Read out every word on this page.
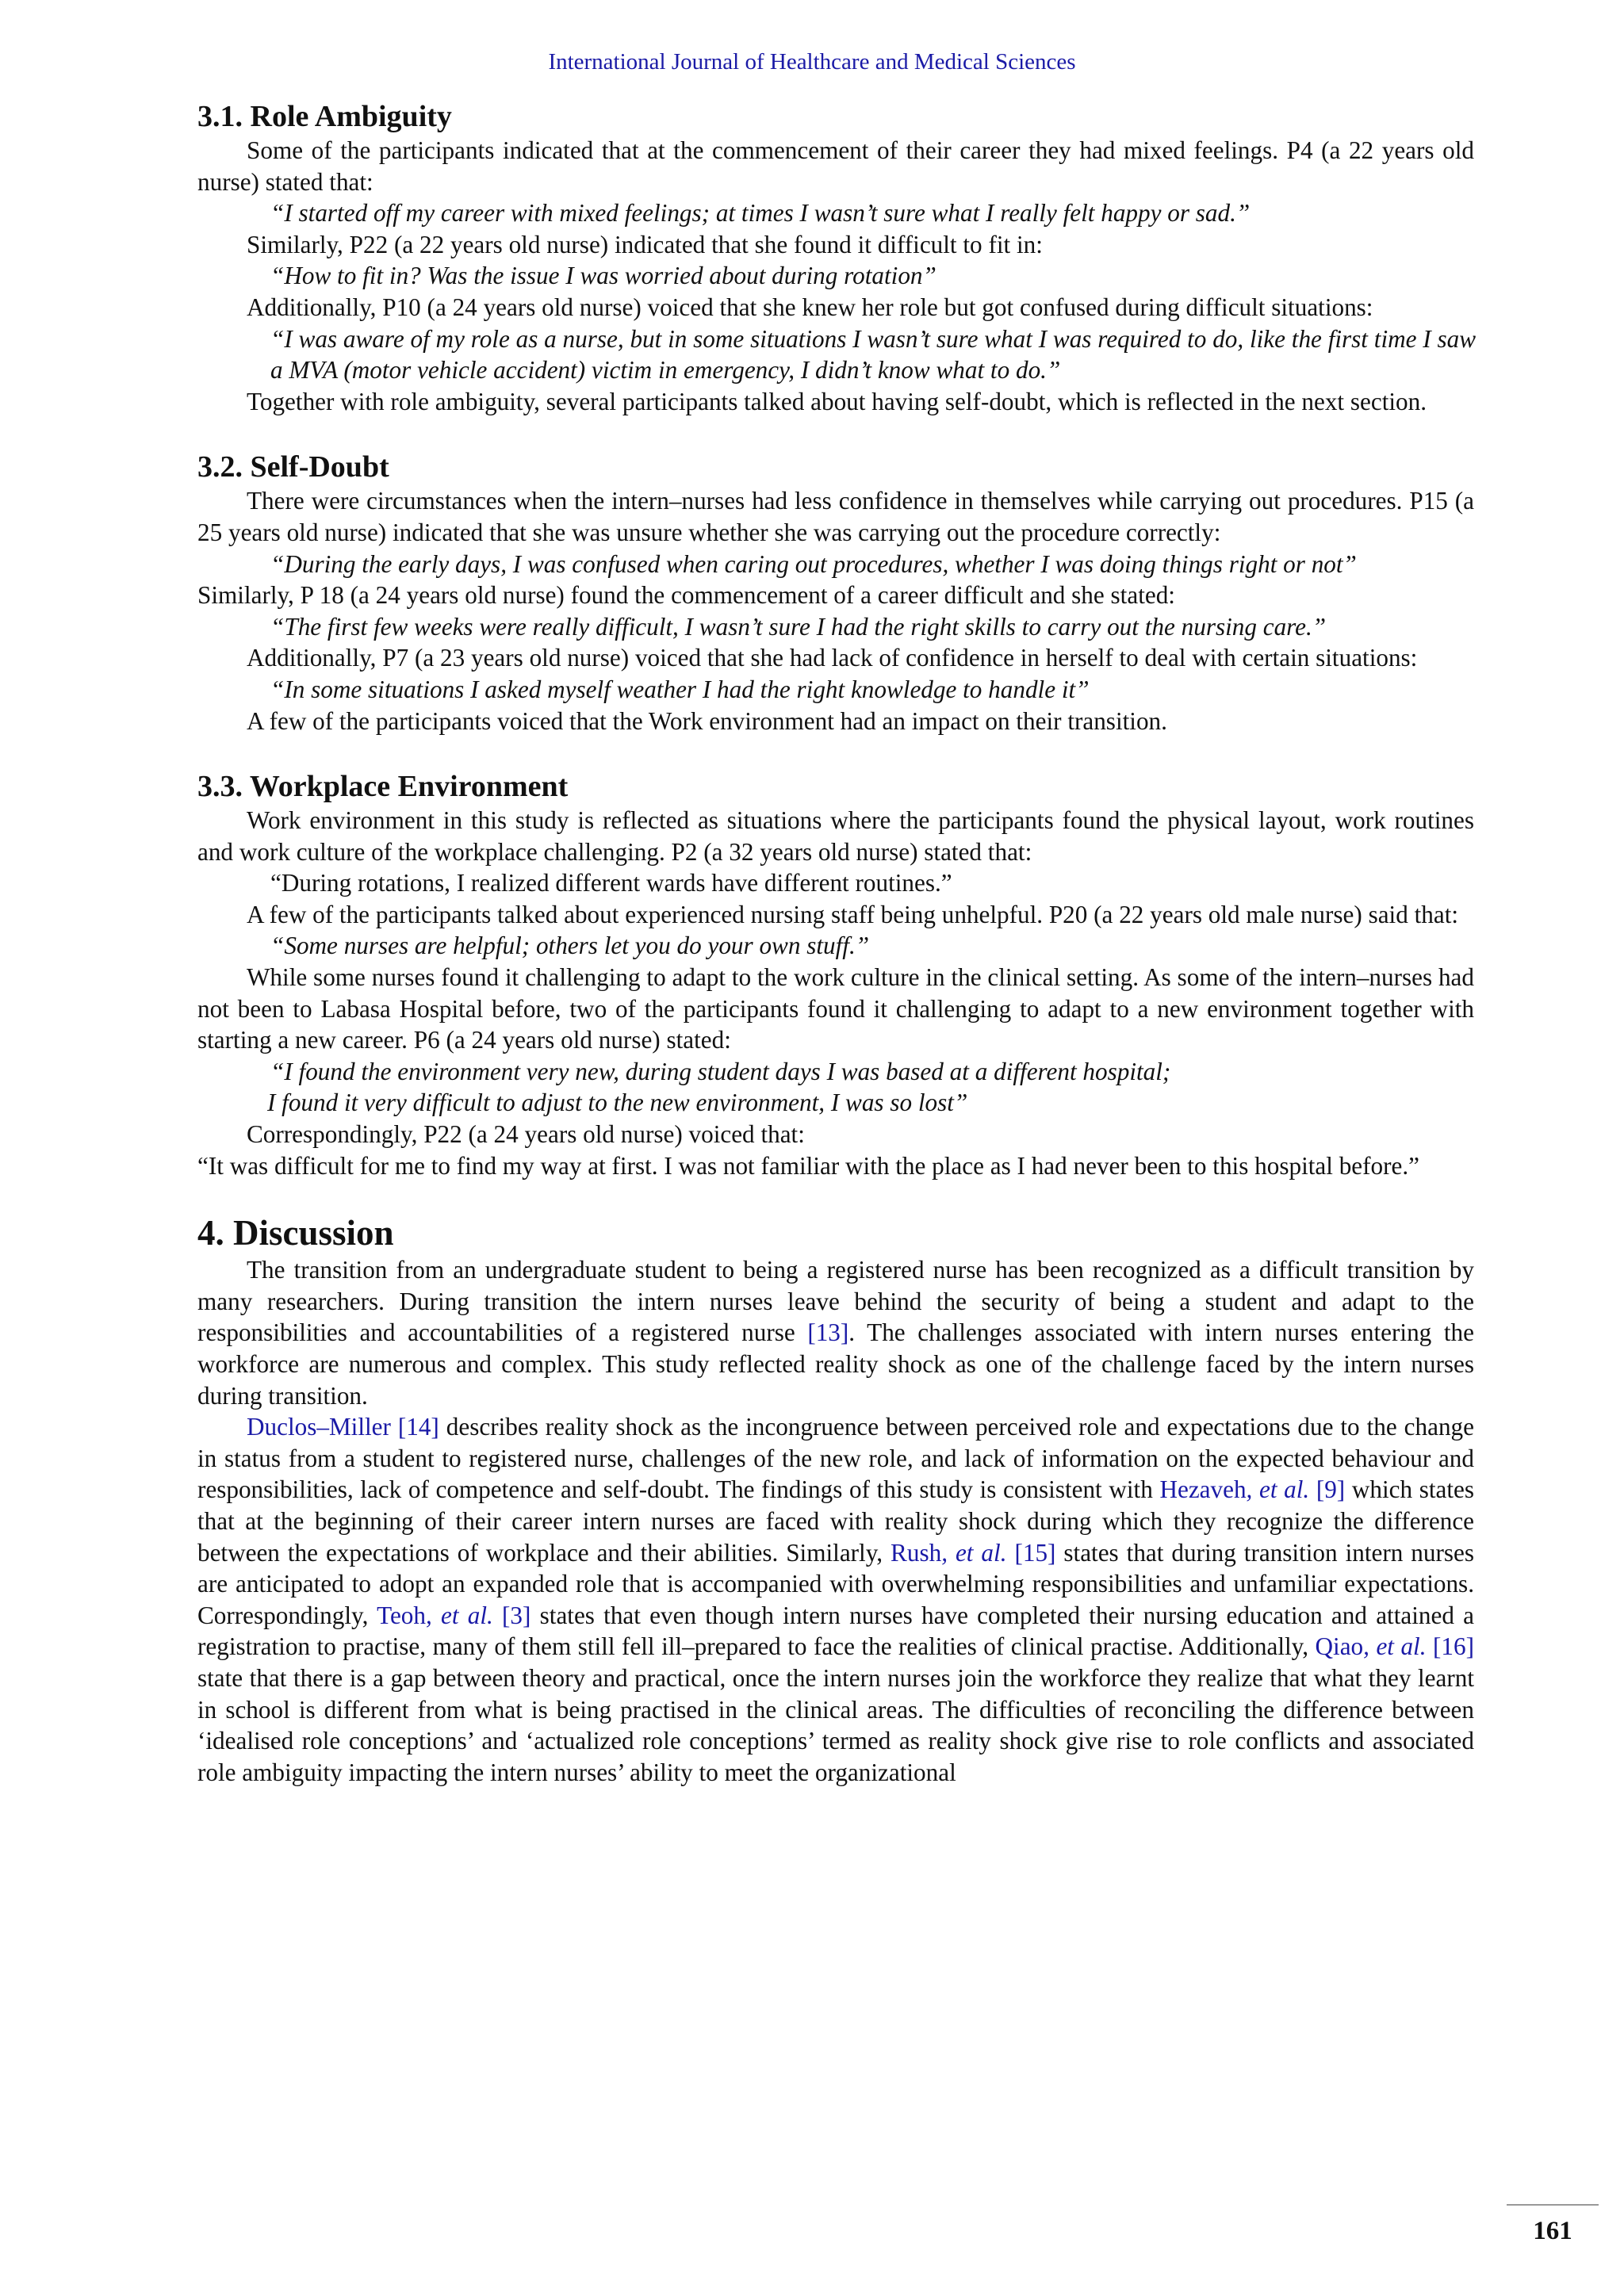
International Journal of Healthcare and Medical Sciences
3.1. Role Ambiguity

Some of the participants indicated that at the commencement of their career they had mixed feelings. P4 (a 22 years old nurse) stated that:

“I started off my career with mixed feelings; at times I wasn’t sure what I really felt happy or sad.”

Similarly, P22 (a 22 years old nurse) indicated that she found it difficult to fit in:

“How to fit in? Was the issue I was worried about during rotation”

Additionally, P10 (a 24 years old nurse) voiced that she knew her role but got confused during difficult situations:

“I was aware of my role as a nurse, but in some situations I wasn’t sure what I was required to do, like the first time I saw a MVA (motor vehicle accident) victim in emergency, I didn’t know what to do.”

Together with role ambiguity, several participants talked about having self-doubt, which is reflected in the next section.

3.2. Self-Doubt

There were circumstances when the intern–nurses had less confidence in themselves while carrying out procedures. P15 (a 25 years old nurse) indicated that she was unsure whether she was carrying out the procedure correctly:

“During the early days, I was confused when caring out procedures, whether I was doing things right or not”

Similarly, P 18 (a 24 years old nurse) found the commencement of a career difficult and she stated:

“The first few weeks were really difficult, I wasn’t sure I had the right skills to carry out the nursing care.”

Additionally, P7 (a 23 years old nurse) voiced that she had lack of confidence in herself to deal with certain situations:

“In some situations I asked myself weather I had the right knowledge to handle it”

A few of the participants voiced that the Work environment had an impact on their transition.

3.3. Workplace Environment

Work environment in this study is reflected as situations where the participants found the physical layout, work routines and work culture of the workplace challenging. P2 (a 32 years old nurse) stated that:

“During rotations, I realized different wards have different routines.”

A few of the participants talked about experienced nursing staff being unhelpful. P20 (a 22 years old male nurse) said that:

“Some nurses are helpful; others let you do your own stuff.”

While some nurses found it challenging to adapt to the work culture in the clinical setting. As some of the intern–nurses had not been to Labasa Hospital before, two of the participants found it challenging to adapt to a new environment together with starting a new career. P6 (a 24 years old nurse) stated:

“I found the environment very new, during student days I was based at a different hospital;

I found it very difficult to adjust to the new environment, I was so lost”

Correspondingly, P22 (a 24 years old nurse) voiced that:

“It was difficult for me to find my way at first. I was not familiar with the place as I had never been to this hospital before.”

4. Discussion

The transition from an undergraduate student to being a registered nurse has been recognized as a difficult transition by many researchers. During transition the intern nurses leave behind the security of being a student and adapt to the responsibilities and accountabilities of a registered nurse [13]. The challenges associated with intern nurses entering the workforce are numerous and complex. This study reflected reality shock as one of the challenge faced by the intern nurses during transition.

Duclos–Miller [14] describes reality shock as the incongruence between perceived role and expectations due to the change in status from a student to registered nurse, challenges of the new role, and lack of information on the expected behaviour and responsibilities, lack of competence and self-doubt. The findings of this study is consistent with Hezaveh, et al. [9] which states that at the beginning of their career intern nurses are faced with reality shock during which they recognize the difference between the expectations of workplace and their abilities. Similarly, Rush, et al. [15] states that during transition intern nurses are anticipated to adopt an expanded role that is accompanied with overwhelming responsibilities and unfamiliar expectations. Correspondingly, Teoh, et al. [3] states that even though intern nurses have completed their nursing education and attained a registration to practise, many of them still fell ill–prepared to face the realities of clinical practise. Additionally, Qiao, et al. [16] state that there is a gap between theory and practical, once the intern nurses join the workforce they realize that what they learnt in school is different from what is being practised in the clinical areas. The difficulties of reconciling the difference between ‘idealised role conceptions’ and ‘actualized role conceptions’ termed as reality shock give rise to role conflicts and associated role ambiguity impacting the intern nurses’ ability to meet the organizational

161
